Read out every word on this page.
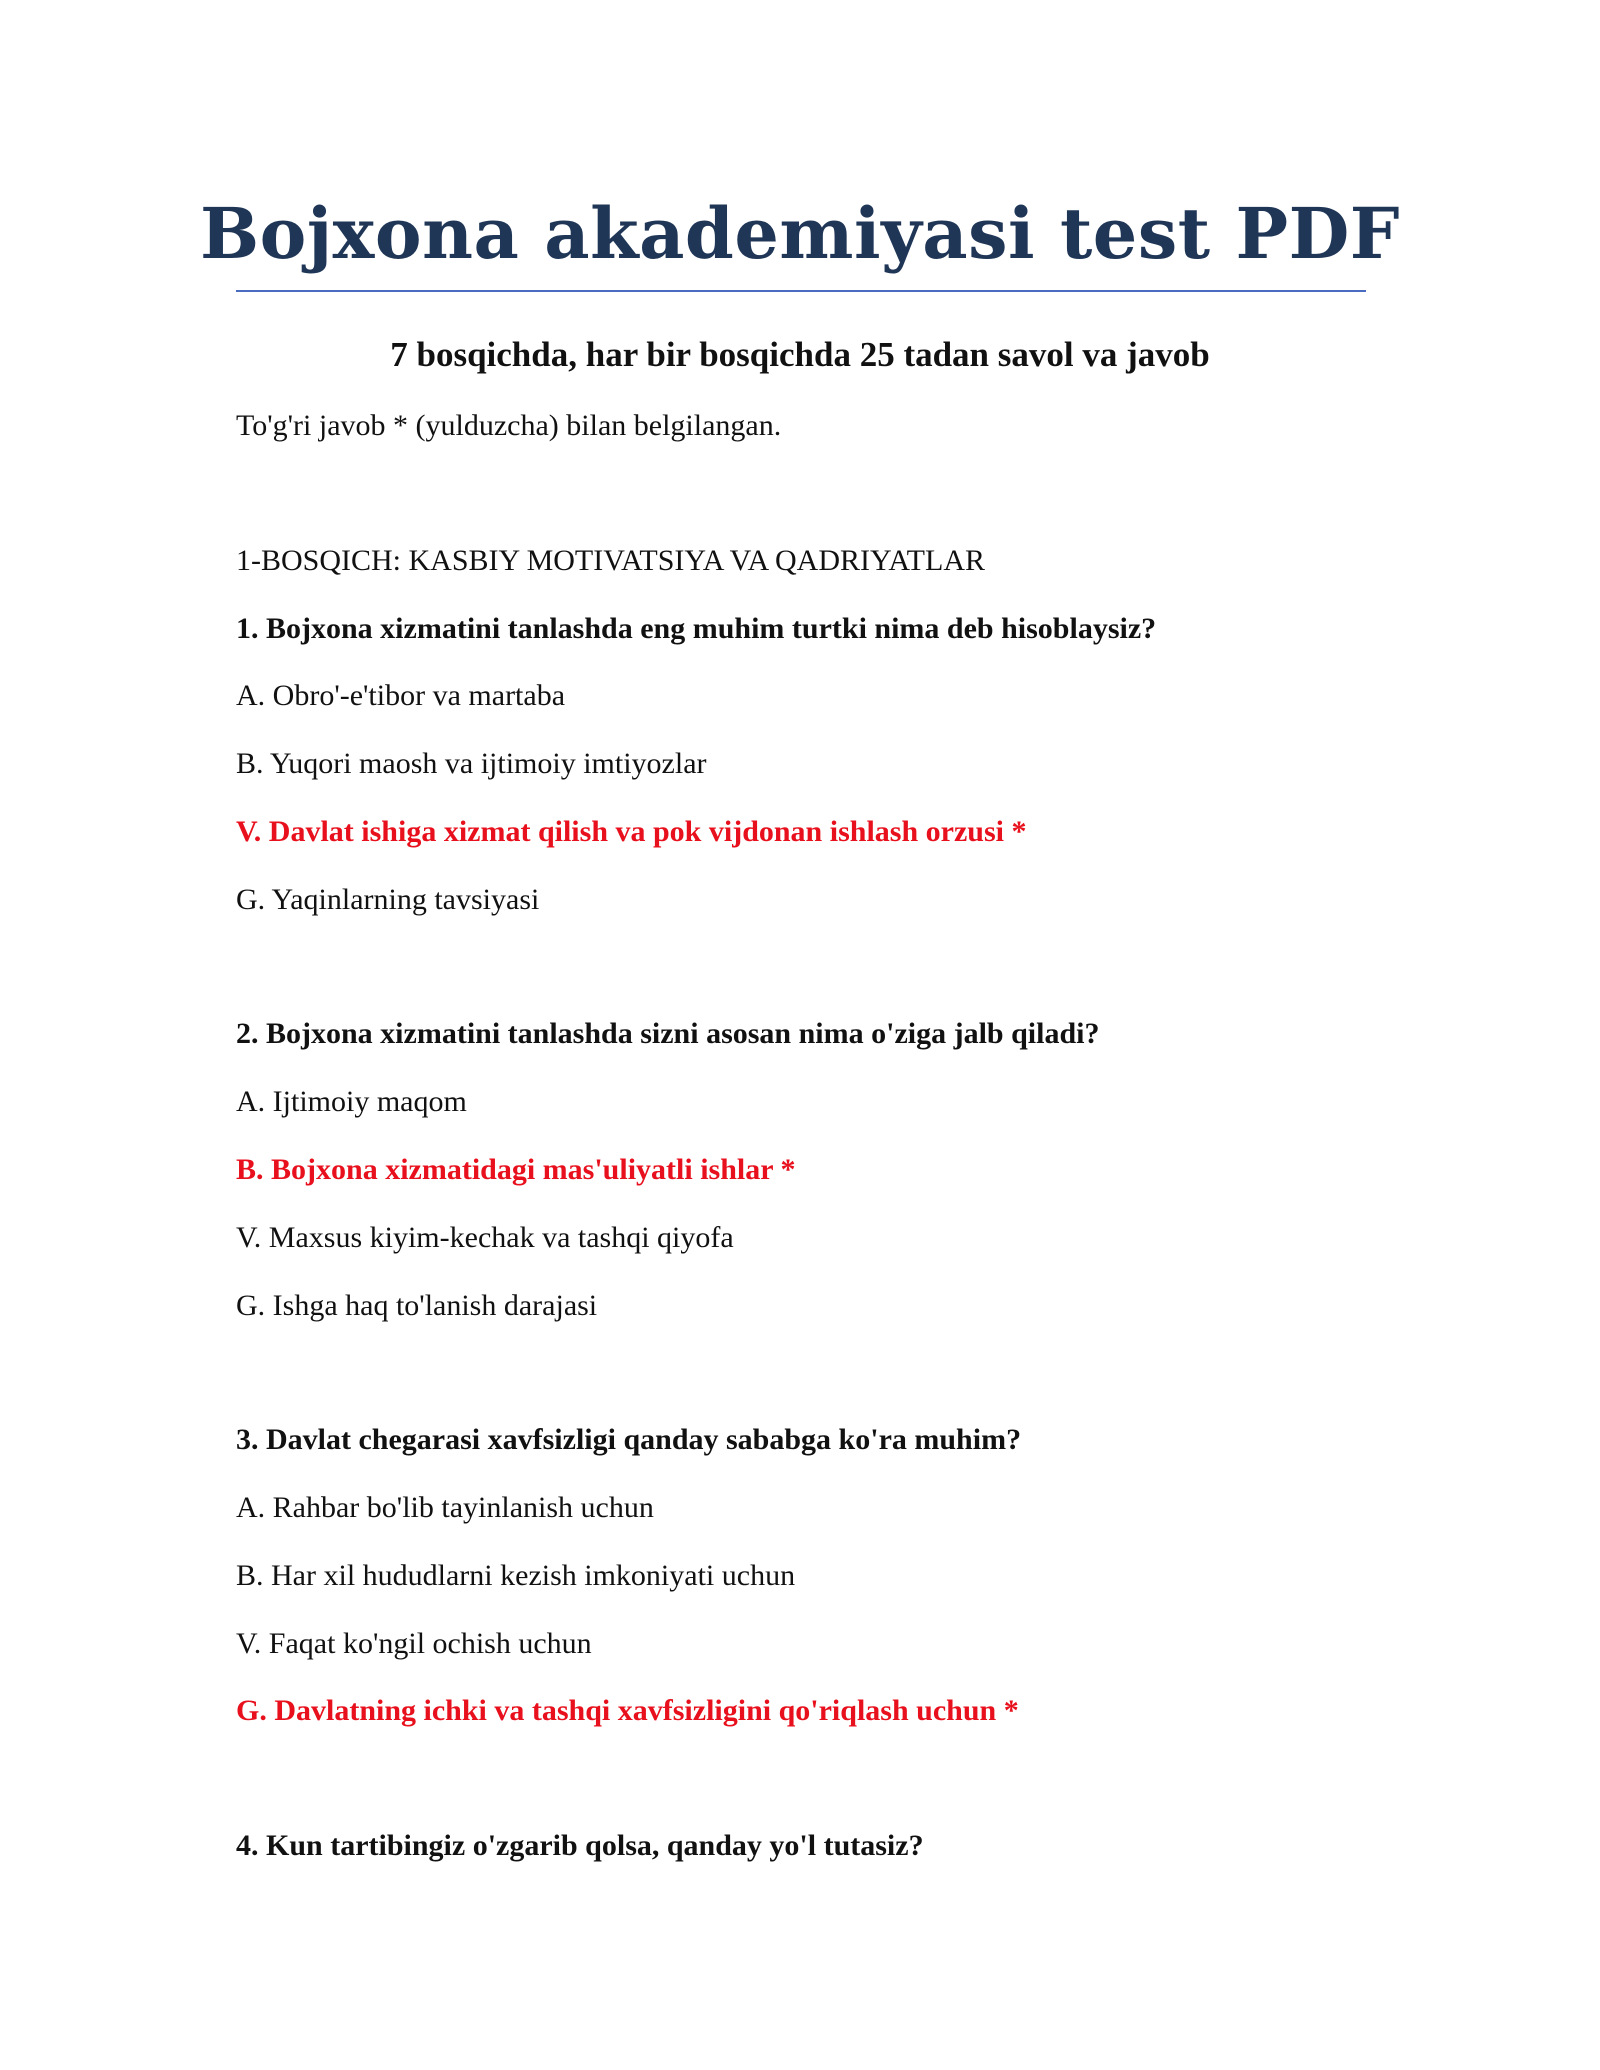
Bojxona akademiyasi test PDF

7 bosqichda, har bir bosqichda 25 tadan savol va javob

To'g'ri javob * (yulduzcha) bilan belgilangan.

1-BOSQICH: KASBIY MOTIVATSIYA VA QADRIYATLAR

1. Bojxona xizmatini tanlashda eng muhim turtki nima deb hisoblaysiz?

A. Obro'-e'tibor va martaba

B. Yuqori maosh va ijtimoiy imtiyozlar

V. Davlat ishiga xizmat qilish va pok vijdonan ishlash orzusi *

G. Yaqinlarning tavsiyasi

2. Bojxona xizmatini tanlashda sizni asosan nima o'ziga jalb qiladi?

A. Ijtimoiy maqom

B. Bojxona xizmatidagi mas'uliyatli ishlar *

V. Maxsus kiyim-kechak va tashqi qiyofa

G. Ishga haq to'lanish darajasi

3. Davlat chegarasi xavfsizligi qanday sababga ko'ra muhim?

A. Rahbar bo'lib tayinlanish uchun

B. Har xil hududlarni kezish imkoniyati uchun

V. Faqat ko'ngil ochish uchun

G. Davlatning ichki va tashqi xavfsizligini qo'riqlash uchun *

4. Kun tartibingiz o'zgarib qolsa, qanday yo'l tutasiz?
